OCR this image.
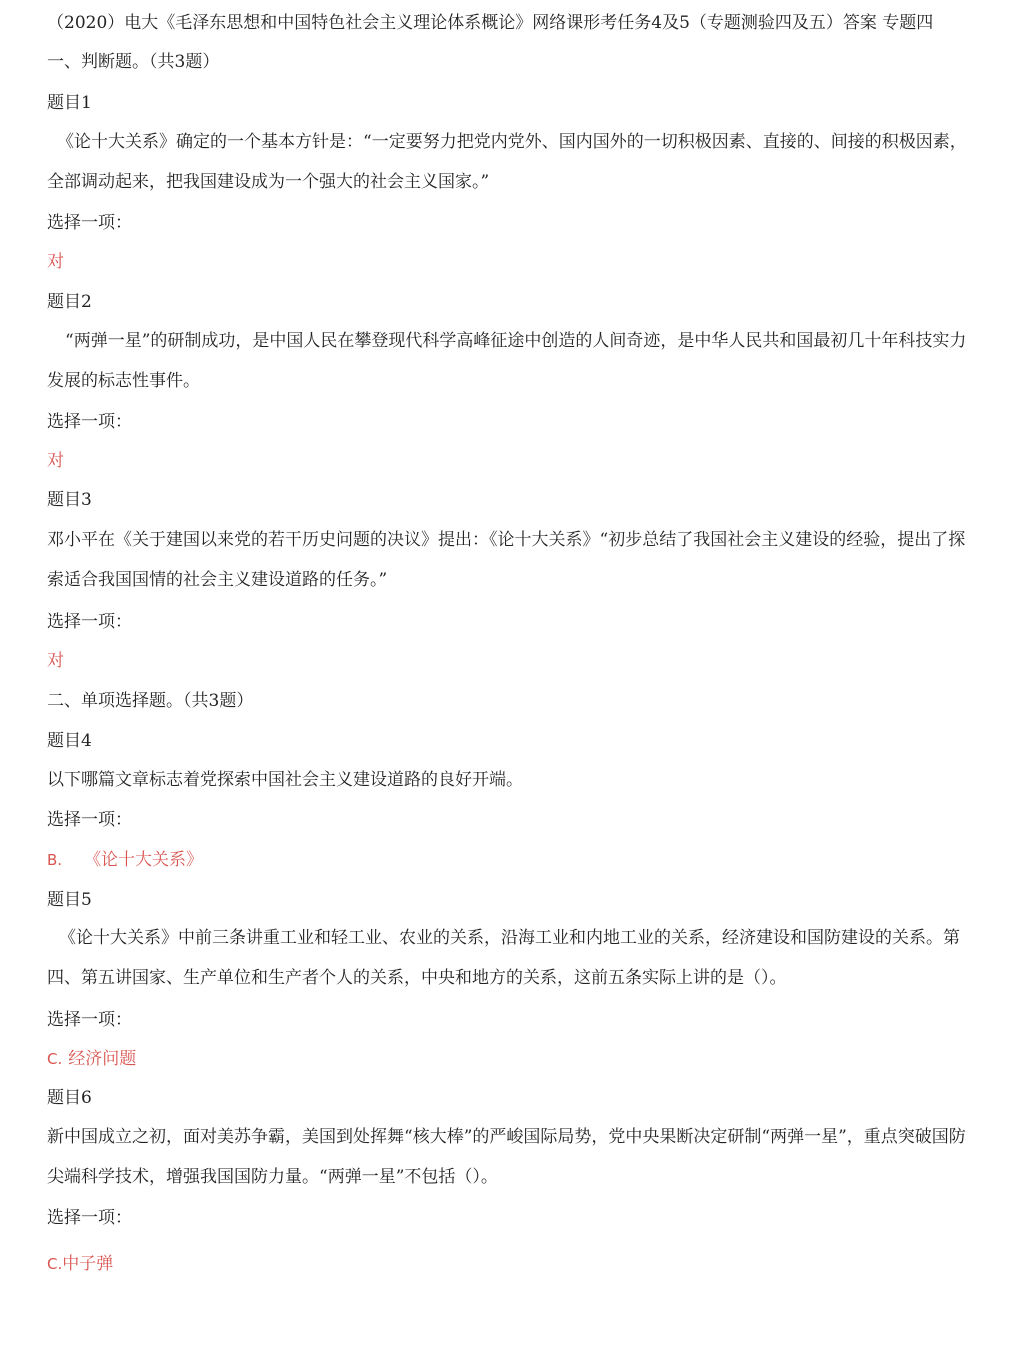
（2020）电大《毛泽东思想和中国特色社会主义理论体系概论》网络课形考任务4及5（专题测验四及五）答案 专题四
一、判断题。（共3题）
题目1
《论十大关系》确定的一个基本方针是：“一定要努力把党内党外、国内国外的一切积极因素、直接的、间接的积极因素，全部调动起来，把我国建设成为一个强大的社会主义国家。”
选择一项：
对
题目2
“两弹一星”的研制成功，是中国人民在攀登现代科学高峰征途中创造的人间奇迹，是中华人民共和国最初几十年科技实力发展的标志性事件。
选择一项：
对
题目3
邓小平在《关于建国以来党的若干历史问题的决议》提出：《论十大关系》“初步总结了我国社会主义建设的经验，提出了探索适合我国国情的社会主义建设道路的任务。”
选择一项：
对
二、单项选择题。（共3题）
题目4
以下哪篇文章标志着党探索中国社会主义建设道路的良好开端。
选择一项：
B. 《论十大关系》
题目5
《论十大关系》中前三条讲重工业和轻工业、农业的关系，沿海工业和内地工业的关系，经济建设和国防建设的关系。第四、第五讲国家、生产单位和生产者个人的关系，中央和地方的关系，这前五条实际上讲的是（）。
选择一项：
C. 经济问题
题目6
新中国成立之初，面对美苏争霸，美国到处挥舞“核大棒”的严峻国际局势，党中央果断决定研制“两弹一星”，重点突破国防尖端科学技术，增强我国国防力量。“两弹一星”不包括（）。
选择一项：
C.中子弹
